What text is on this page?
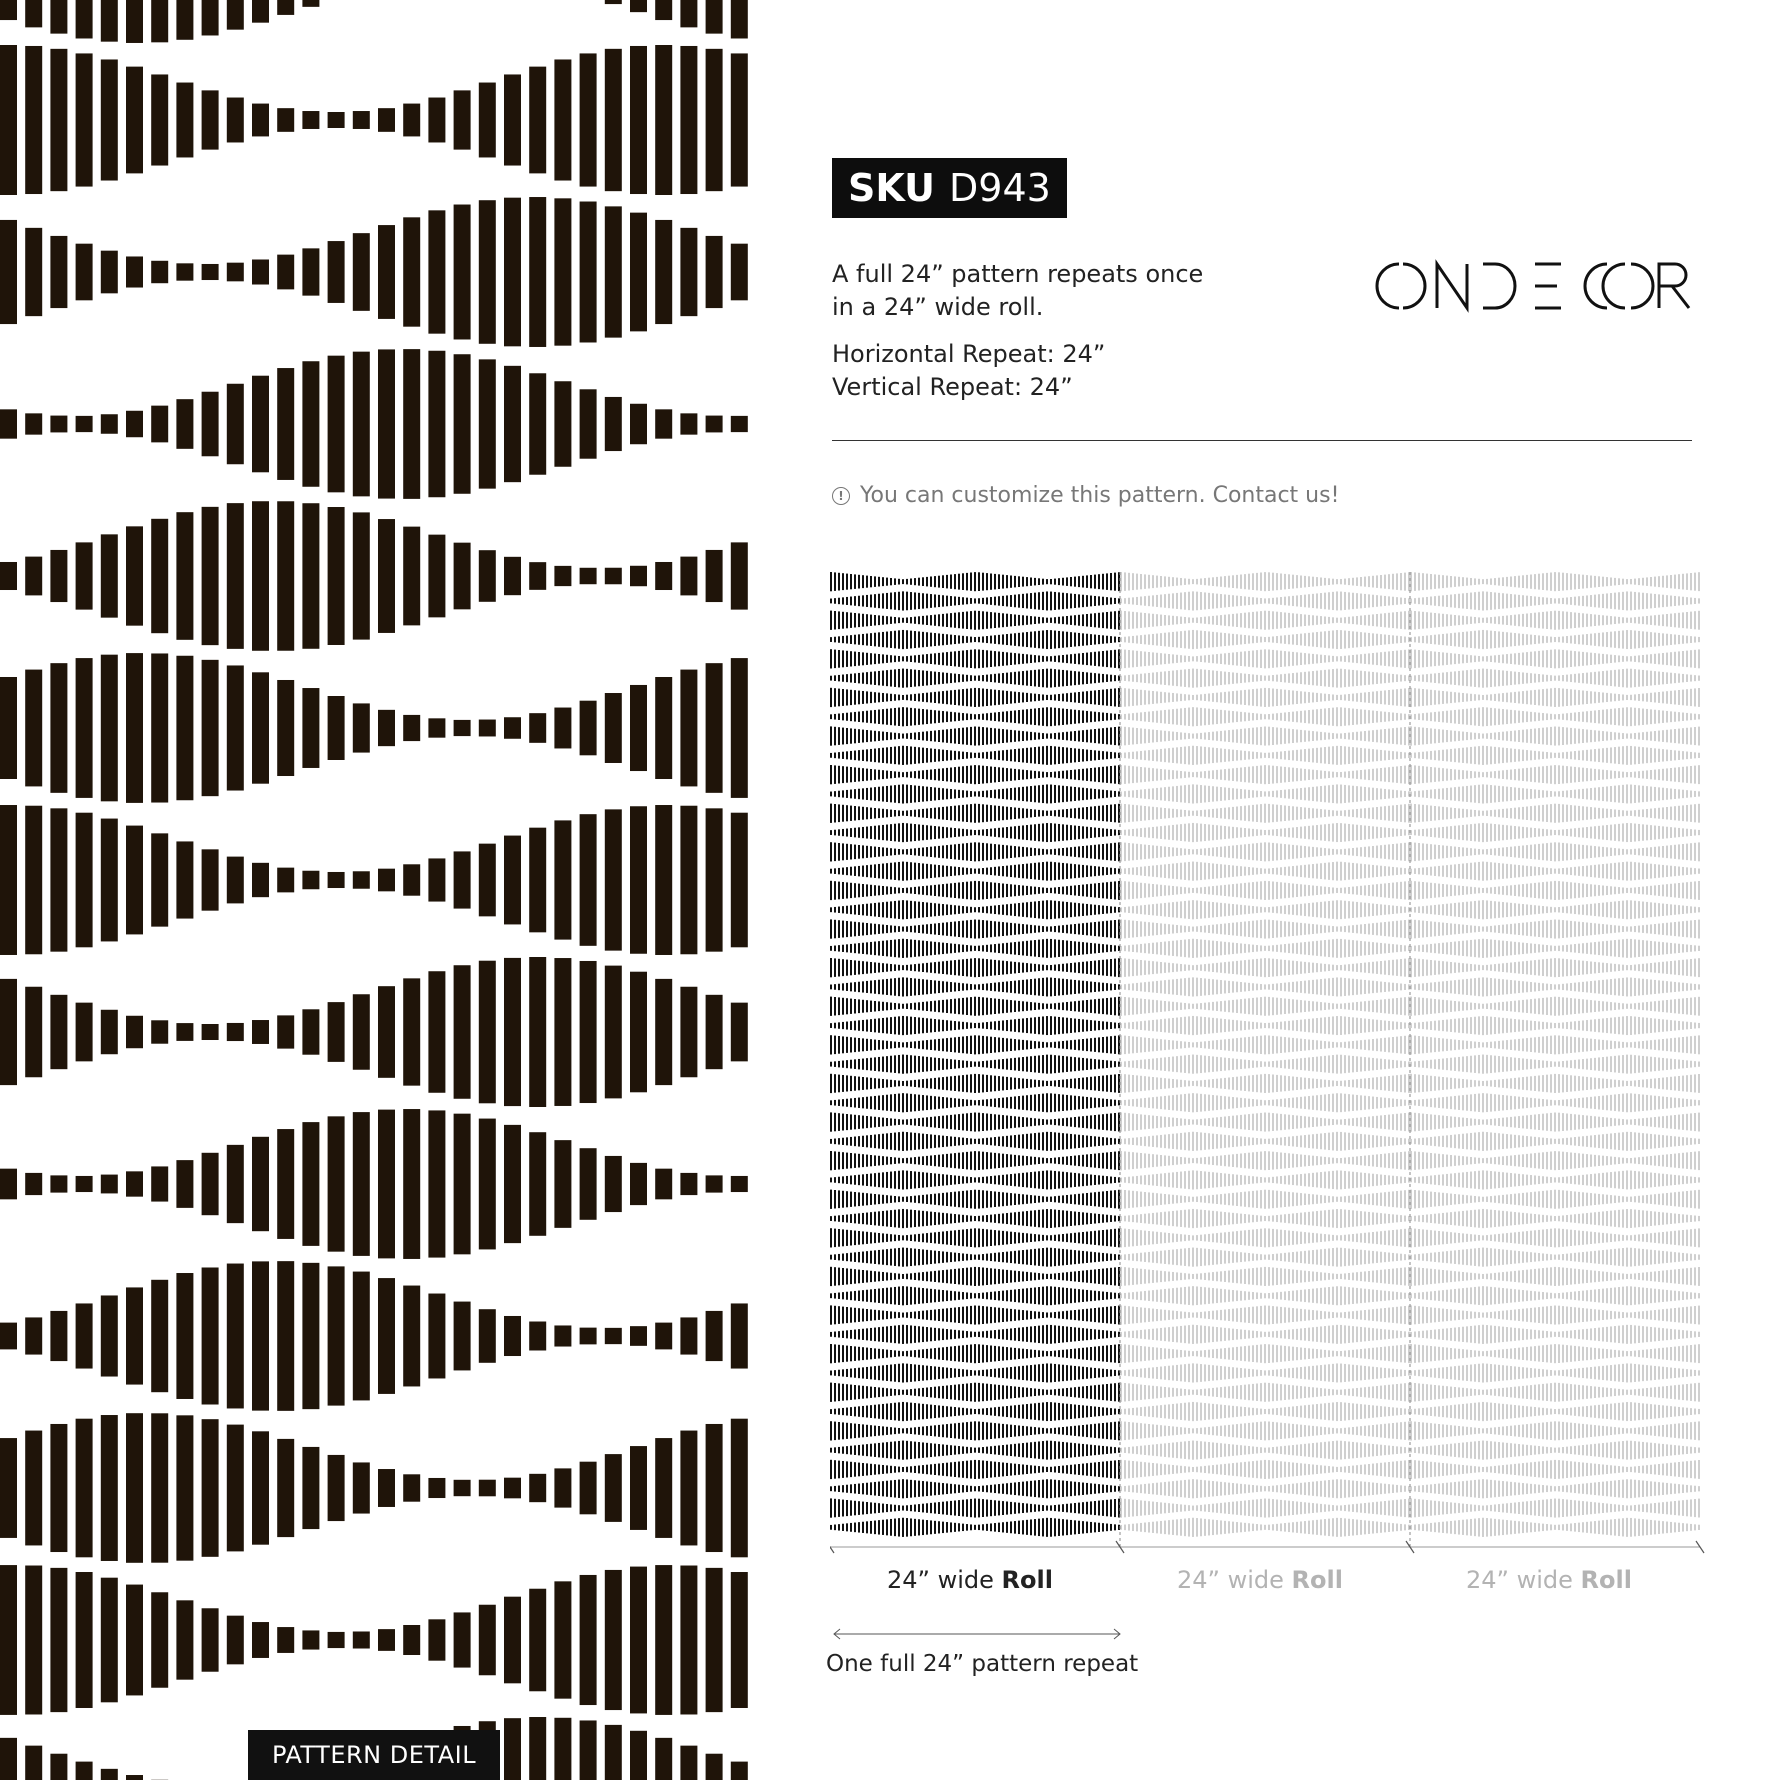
PATTERN DETAIL
SKU D943

A full 24” pattern repeats once

in a 24” wide roll.

Horizontal Repeat: 24”

Vertical Repeat: 24”

! You can customize this pattern. Contact us!
24” wide Roll	24” wide Roll	24” wide Roll
One full 24” pattern repeat
